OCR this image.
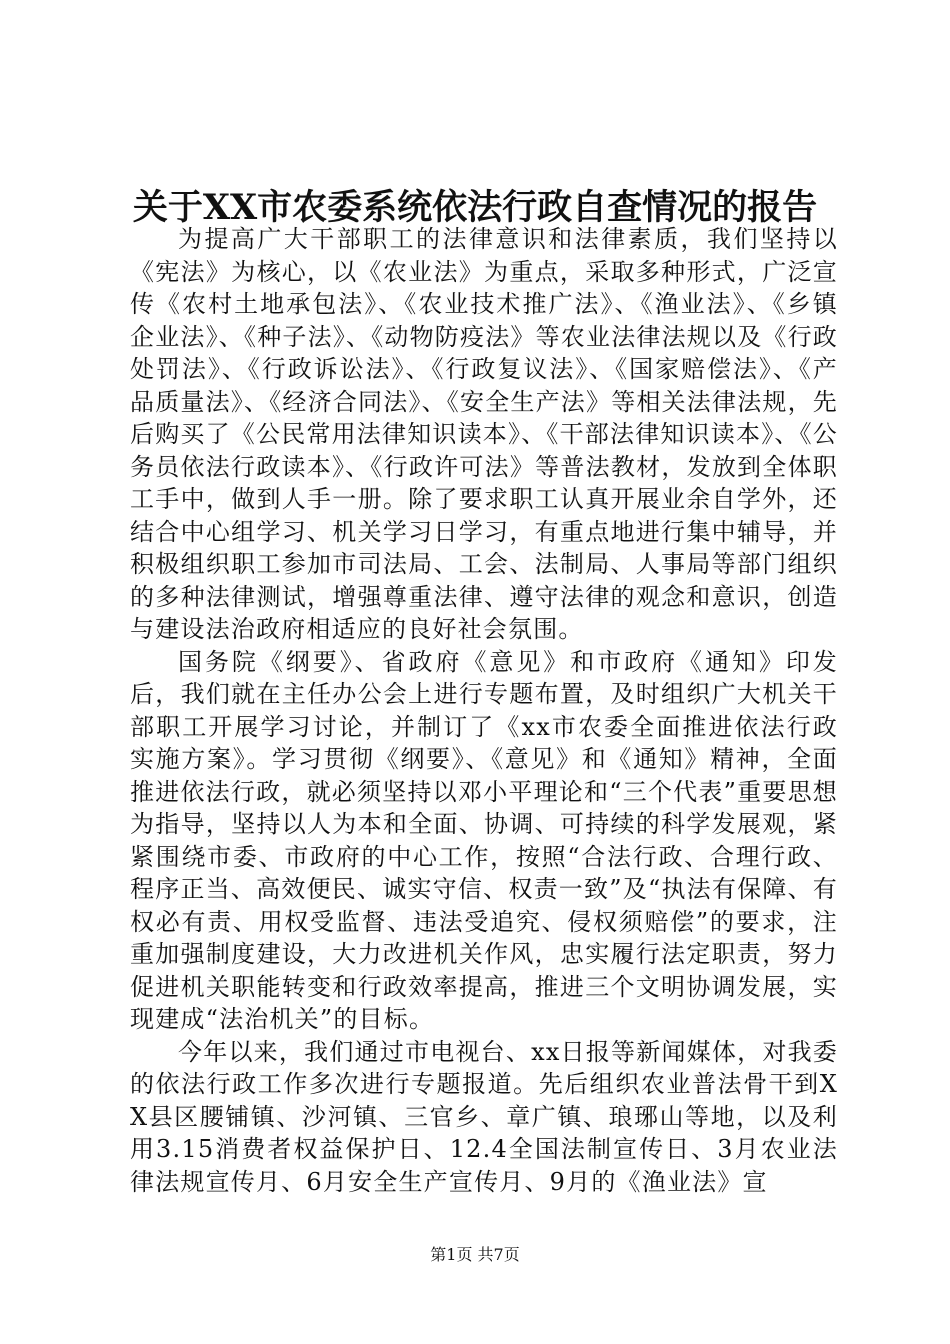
关于XX市农委系统依法行政自查情况的报告

为提高广大干部职工的法律意识和法律素质，我们坚持以《宪法》为核心，以《农业法》为重点，采取多种形式，广泛宣传《农村土地承包法》、《农业技术推广法》、《渔业法》、《乡镇企业法》、《种子法》、《动物防疫法》等农业法律法规以及《行政处罚法》、《行政诉讼法》、《行政复议法》、《国家赔偿法》、《产品质量法》、《经济合同法》、《安全生产法》等相关法律法规，先后购买了《公民常用法律知识读本》、《干部法律知识读本》、《公务员依法行政读本》、《行政许可法》等普法教材，发放到全体职工手中，做到人手一册。除了要求职工认真开展业余自学外，还结合中心组学习、机关学习日学习，有重点地进行集中辅导，并积极组织职工参加市司法局、工会、法制局、人事局等部门组织的多种法律测试，增强尊重法律、遵守法律的观念和意识，创造与建设法治政府相适应的良好社会氛围。

国务院《纲要》、省政府《意见》和市政府《通知》印发后，我们就在主任办公会上进行专题布置，及时组织广大机关干部职工开展学习讨论，并制订了《xx市农委全面推进依法行政实施方案》。学习贯彻《纲要》、《意见》和《通知》精神，全面推进依法行政，就必须坚持以邓小平理论和“三个代表”重要思想为指导，坚持以人为本和全面、协调、可持续的科学发展观，紧紧围绕市委、市政府的中心工作，按照“合法行政、合理行政、程序正当、高效便民、诚实守信、权责一致”及“执法有保障、有权必有责、用权受监督、违法受追究、侵权须赔偿”的要求，注重加强制度建设，大力改进机关作风，忠实履行法定职责，努力促进机关职能转变和行政效率提高，推进三个文明协调发展，实现建成“法治机关”的目标。

今年以来，我们通过市电视台、xx日报等新闻媒体，对我委的依法行政工作多次进行专题报道。先后组织农业普法骨干到XX县区腰铺镇、沙河镇、三官乡、章广镇、琅琊山等地，以及利用3.15消费者权益保护日、12.4全国法制宣传日、3月农业法律法规宣传月、6月安全生产宣传月、9月的《渔业法》宣

第1页 共7页
